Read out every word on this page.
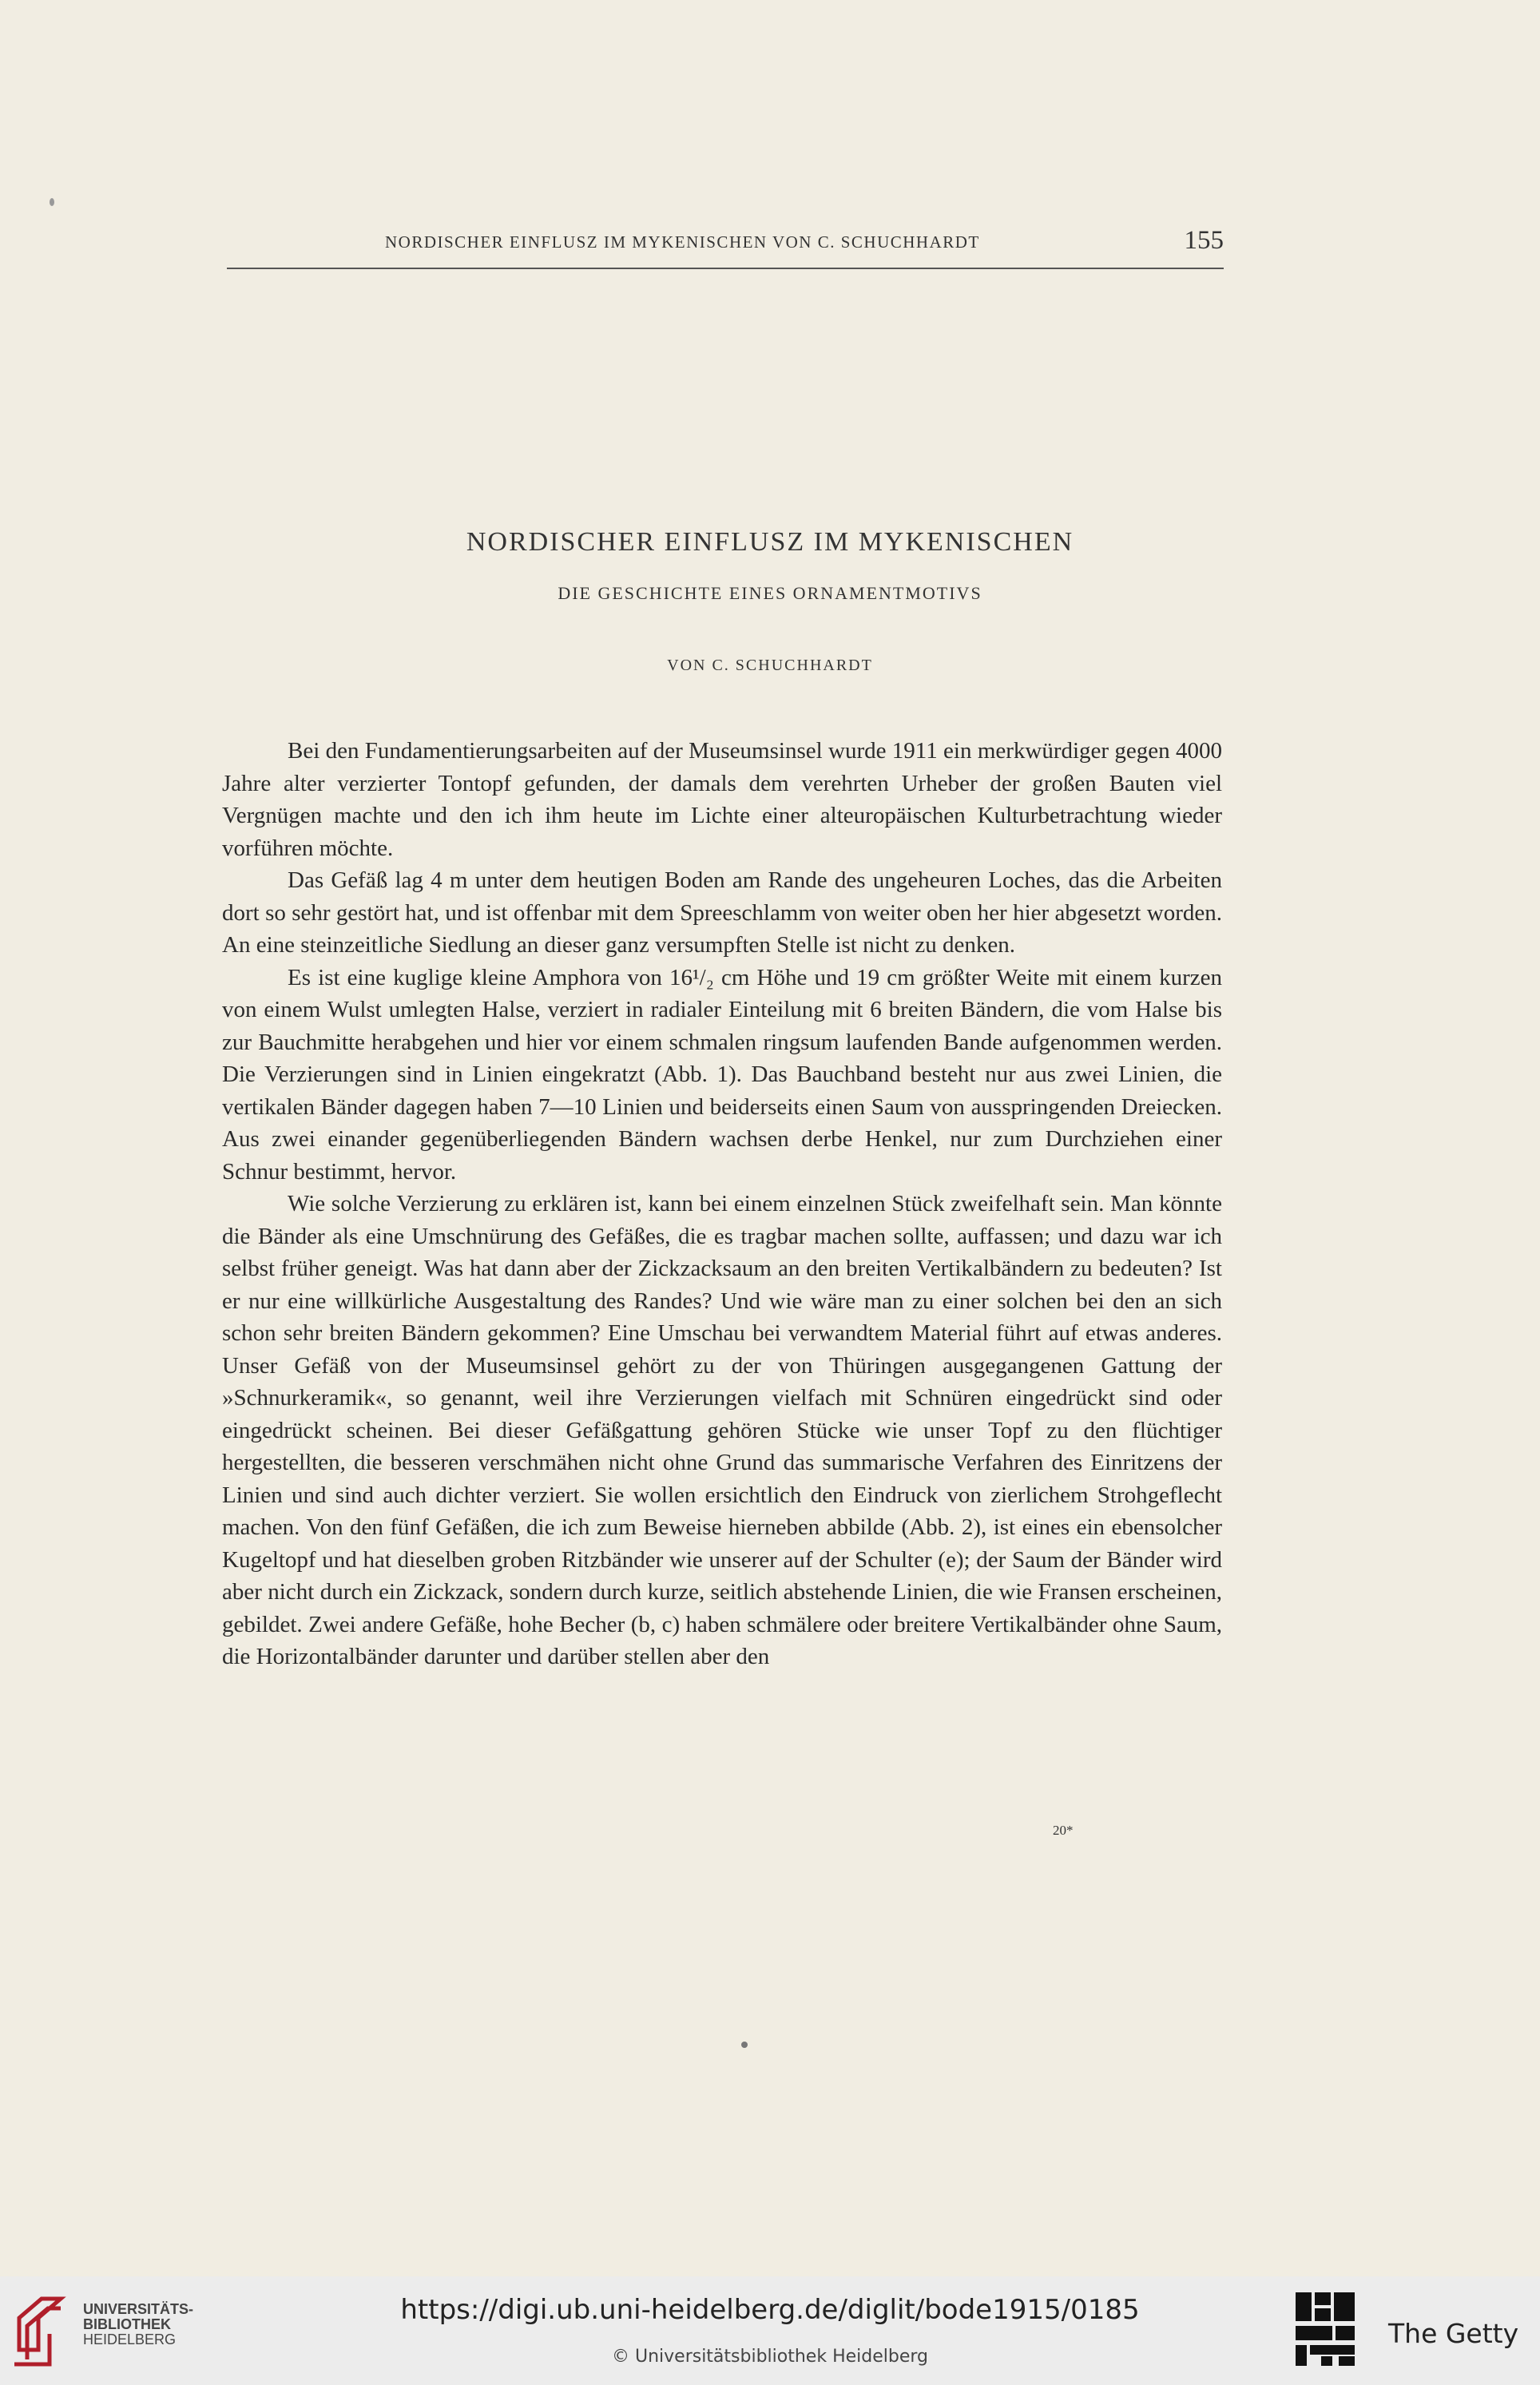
NORDISCHER EINFLUSZ IM MYKENISCHEN VON C. SCHUCHHARDT	155
NORDISCHER EINFLUSZ IM MYKENISCHEN
DIE GESCHICHTE EINES ORNAMENTMOTIVS
VON C. SCHUCHHARDT

Bei den Fundamentierungsarbeiten auf der Museumsinsel wurde 1911 ein merkwürdiger gegen 4000 Jahre alter verzierter Tontopf gefunden, der damals dem verehrten Urheber der großen Bauten viel Vergnügen machte und den ich ihm heute im Lichte einer alteuropäischen Kulturbetrachtung wieder vorführen möchte.

Das Gefäß lag 4 m unter dem heutigen Boden am Rande des ungeheuren Loches, das die Arbeiten dort so sehr gestört hat, und ist offenbar mit dem Spreeschlamm von weiter oben her hier abgesetzt worden. An eine steinzeitliche Siedlung an dieser ganz versumpften Stelle ist nicht zu denken.

Es ist eine kuglige kleine Amphora von 16¹/₂ cm Höhe und 19 cm größter Weite mit einem kurzen von einem Wulst umlegten Halse, verziert in radialer Einteilung mit 6 breiten Bändern, die vom Halse bis zur Bauchmitte herabgehen und hier vor einem schmalen ringsum laufenden Bande aufgenommen werden. Die Verzierungen sind in Linien eingekratzt (Abb. 1). Das Bauchband besteht nur aus zwei Linien, die vertikalen Bänder dagegen haben 7—10 Linien und beiderseits einen Saum von ausspringenden Dreiecken. Aus zwei einander gegenüberliegenden Bändern wachsen derbe Henkel, nur zum Durchziehen einer Schnur bestimmt, hervor.

Wie solche Verzierung zu erklären ist, kann bei einem einzelnen Stück zweifelhaft sein. Man könnte die Bänder als eine Umschnürung des Gefäßes, die es tragbar machen sollte, auffassen; und dazu war ich selbst früher geneigt. Was hat dann aber der Zickzacksaum an den breiten Vertikalbändern zu bedeuten? Ist er nur eine willkürliche Ausgestaltung des Randes? Und wie wäre man zu einer solchen bei den an sich schon sehr breiten Bändern gekommen? Eine Umschau bei verwandtem Material führt auf etwas anderes. Unser Gefäß von der Museumsinsel gehört zu der von Thüringen ausgegangenen Gattung der »Schnurkeramik«, so genannt, weil ihre Verzierungen vielfach mit Schnüren eingedrückt sind oder eingedrückt scheinen. Bei dieser Gefäßgattung gehören Stücke wie unser Topf zu den flüchtiger hergestellten, die besseren verschmähen nicht ohne Grund das summarische Verfahren des Einritzens der Linien und sind auch dichter verziert. Sie wollen ersichtlich den Eindruck von zierlichem Strohgeflecht machen. Von den fünf Gefäßen, die ich zum Beweise hierneben abbilde (Abb. 2), ist eines ein ebensolcher Kugeltopf und hat dieselben groben Ritzbänder wie unserer auf der Schulter (e); der Saum der Bänder wird aber nicht durch ein Zickzack, sondern durch kurze, seitlich abstehende Linien, die wie Fransen erscheinen, gebildet. Zwei andere Gefäße, hohe Becher (b, c) haben schmälere oder breitere Vertikalbänder ohne Saum, die Horizontalbänder darunter und darüber stellen aber den

20*
UNIVERSITÄTS-
BIBLIOTHEK
HEIDELBERG
https://digi.ub.uni-heidelberg.de/diglit/bode1915/0185
© Universitätsbibliothek Heidelberg
The Getty
